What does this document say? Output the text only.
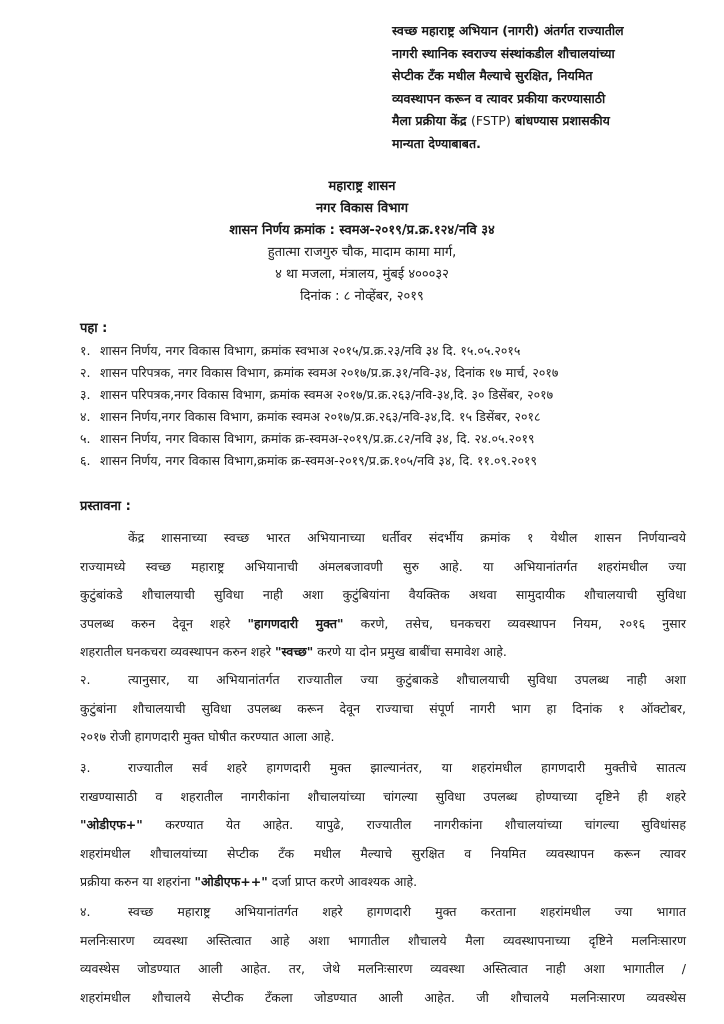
स्वच्छ महाराष्ट्र अभियान (नागरी) अंतर्गत राज्यातील
नागरी स्थानिक स्वराज्य संस्थांकडील शौचालयांच्या
सेप्टीक टँक मधील मैल्याचे सुरक्षित, नियमित
व्यवस्थापन करून व त्यावर प्रकीया करण्यासाठी
मैला प्रक्रीया केंद्र (FSTP) बांधण्यास प्रशासकीय
मान्यता देण्याबाबत.
महाराष्ट्र शासन
नगर विकास विभाग
शासन निर्णय क्रमांक : स्वमअ-२०१९/प्र.क्र.१२४/नवि ३४
हुतात्मा राजगुरु चौक, मादाम कामा मार्ग,
४ था मजला, मंत्रालय, मुंबई ४०००३२
दिनांक : ८ नोव्हेंबर, २०१९
पहा :
१. शासन निर्णय, नगर विकास विभाग, क्रमांक स्वभाअ २०१५/प्र.क्र.२३/नवि ३४ दि. १५.०५.२०१५
२. शासन परिपत्रक, नगर विकास विभाग, क्रमांक स्वमअ २०१७/प्र.क्र.३१/नवि-३४, दिनांक १७ मार्च, २०१७
३. शासन परिपत्रक,नगर विकास विभाग, क्रमांक स्वमअ २०१७/प्र.क्र.२६३/नवि-३४,दि. ३० डिसेंबर, २०१७
४. शासन निर्णय,नगर विकास विभाग, क्रमांक स्वमअ २०१७/प्र.क्र.२६३/नवि-३४,दि. १५ डिसेंबर, २०१८
५. शासन निर्णय, नगर विकास विभाग, क्रमांक क्र-स्वमअ-२०१९/प्र.क्र.८२/नवि ३४, दि. २४.०५.२०१९
६. शासन निर्णय, नगर विकास विभाग,क्रमांक क्र-स्वमअ-२०१९/प्र.क्र.१०५/नवि ३४, दि. ११.०९.२०१९
प्रस्तावना :
केंद्र शासनाच्या स्वच्छ भारत अभियानाच्या धर्तीवर संदर्भीय क्रमांक १ येथील शासन निर्णयान्वये
राज्यामध्ये स्वच्छ महाराष्ट्र अभियानाची अंमलबजावणी सुरु आहे. या अभियानांतर्गत शहरांमधील ज्या
कुटुंबांकडे शौचालयाची सुविधा नाही अशा कुटुंबियांना वैयक्तिक अथवा सामुदायीक शौचालयाची सुविधा
उपलब्ध करुन देवून शहरे "हागणदारी मुक्त" करणे, तसेच, घनकचरा व्यवस्थापन नियम, २०१६ नुसार
शहरातील घनकचरा व्यवस्थापन करुन शहरे "स्वच्छ" करणे या दोन प्रमुख बाबींचा समावेश आहे.
२.	त्यानुसार, या अभियानांतर्गत राज्यातील ज्या कुटुंबाकडे शौचालयाची सुविधा उपलब्ध नाही अशा
कुटुंबांना शौचालयाची सुविधा उपलब्ध करून देवून राज्याचा संपूर्ण नागरी भाग हा दिनांक १ ऑक्टोबर,
२०१७ रोजी हागणदारी मुक्त घोषीत करण्यात आला आहे.
३.	राज्यातील सर्व शहरे हागणदारी मुक्त झाल्यानंतर, या शहरांमधील हागणदारी मुक्तीचे सातत्य
राखण्यासाठी व शहरातील नागरीकांना शौचालयांच्या चांगल्या सुविधा उपलब्ध होण्याच्या दृष्टिने ही शहरे
"ओडीएफ+" करण्यात येत आहेत. यापुढे, राज्यातील नागरीकांना शौचालयांच्या चांगल्या सुविधांसह
शहरांमधील शौचालयांच्या सेप्टीक टँक मधील मैल्याचे सुरक्षित व नियमित व्यवस्थापन करून त्यावर
प्रक्रीया करुन या शहरांना "ओडीएफ++" दर्जा प्राप्त करणे आवश्यक आहे.
४.	स्वच्छ महाराष्ट्र अभियानांतर्गत शहरे हागणदारी मुक्त करताना शहरांमधील ज्या भागात
मलनिःसारण व्यवस्था अस्तित्वात आहे अशा भागातील शौचालये मैला व्यवस्थापनाच्या दृष्टिने मलनिःसारण
व्यवस्थेस जोडण्यात आली आहेत. तर, जेथे मलनिःसारण व्यवस्था अस्तित्वात नाही अशा भागातील /
शहरांमधील शौचालये सेप्टीक टँकला जोडण्यात आली आहेत. जी शौचालये मलनिःसारण व्यवस्थेस
